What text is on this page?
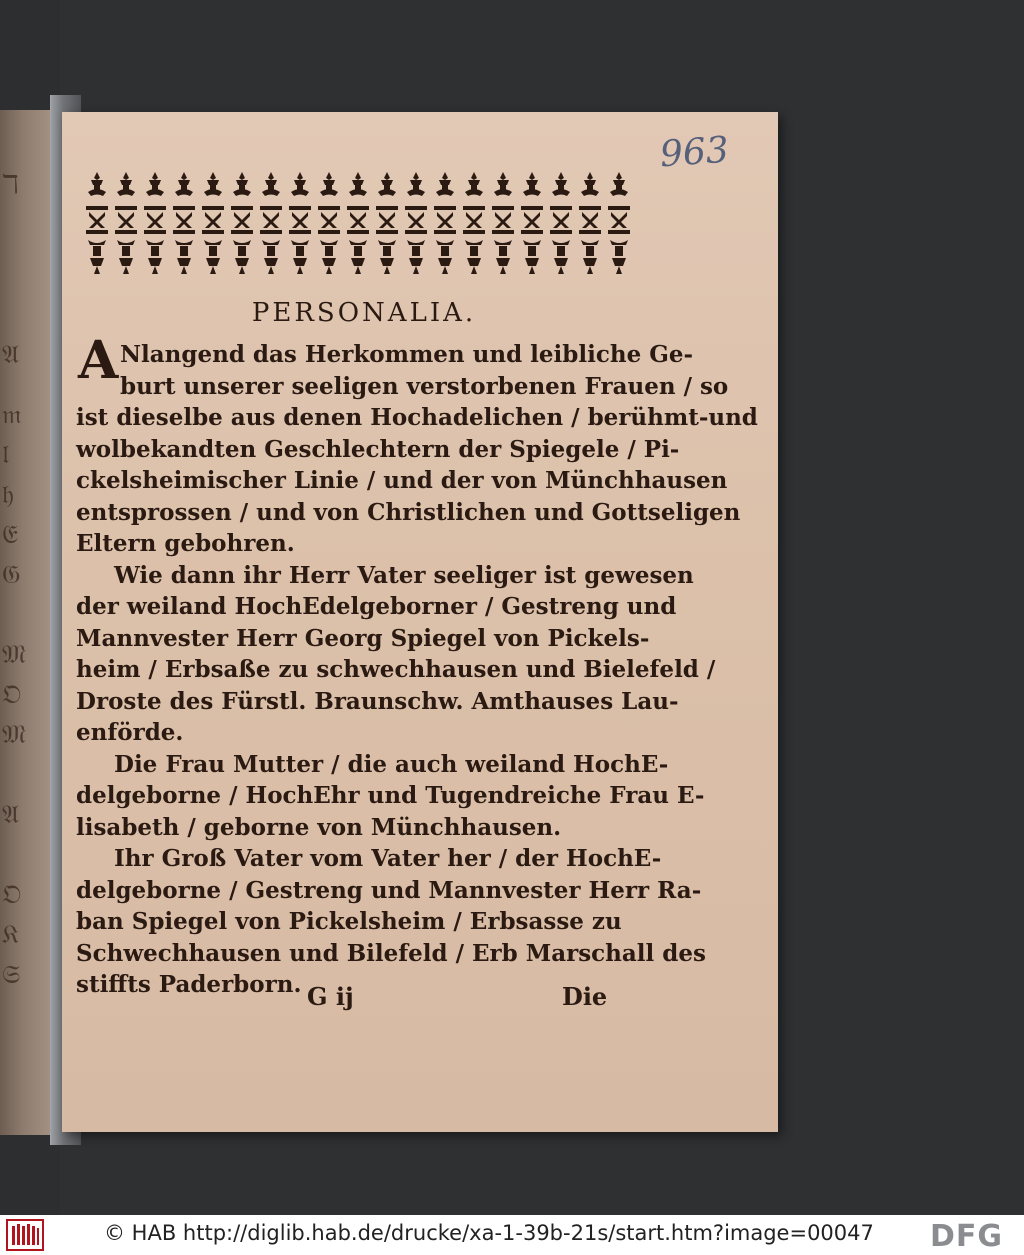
ℸ
𝔄
𝔪
𝔩
𝔥
𝔈
𝔊
𝔐
𝔒
𝔐
𝔄
𝔒
𝔎
𝔖
963
PERSONALIA.
A Nlangend das Herkommen und leibliche Ge-
burt unserer seeligen verstorbenen Frauen / so
ist dieselbe aus denen Hochadelichen / berühmt-und
wolbekandten Geschlechtern der Spiegele / Pi-
ckelsheimischer Linie / und der von Münchhausen
entsprossen / und von Christlichen und Gottseligen
Eltern gebohren.
Wie dann ihr Herr Vater seeliger ist gewesen
der weiland HochEdelgeborner / Gestreng und
Mannvester Herr Georg Spiegel von Pickels-
heim / Erbsaße zu schwechhausen und Bielefeld /
Droste des Fürstl. Braunschw. Amthauses Lau-
enförde.
Die Frau Mutter / die auch weiland HochE-
delgeborne / HochEhr und Tugendreiche Frau E-
lisabeth / geborne von Münchhausen.
Ihr Groß Vater vom Vater her / der HochE-
delgeborne / Gestreng und Mannvester Herr Ra-
ban Spiegel von Pickelsheim / Erbsasse zu
Schwechhausen und Bilefeld / Erb Marschall des
stiffts Paderborn. G ij	Die
© HAB http://diglib.hab.de/drucke/xa-1-39b-21s/start.htm?image=00047 DFG
